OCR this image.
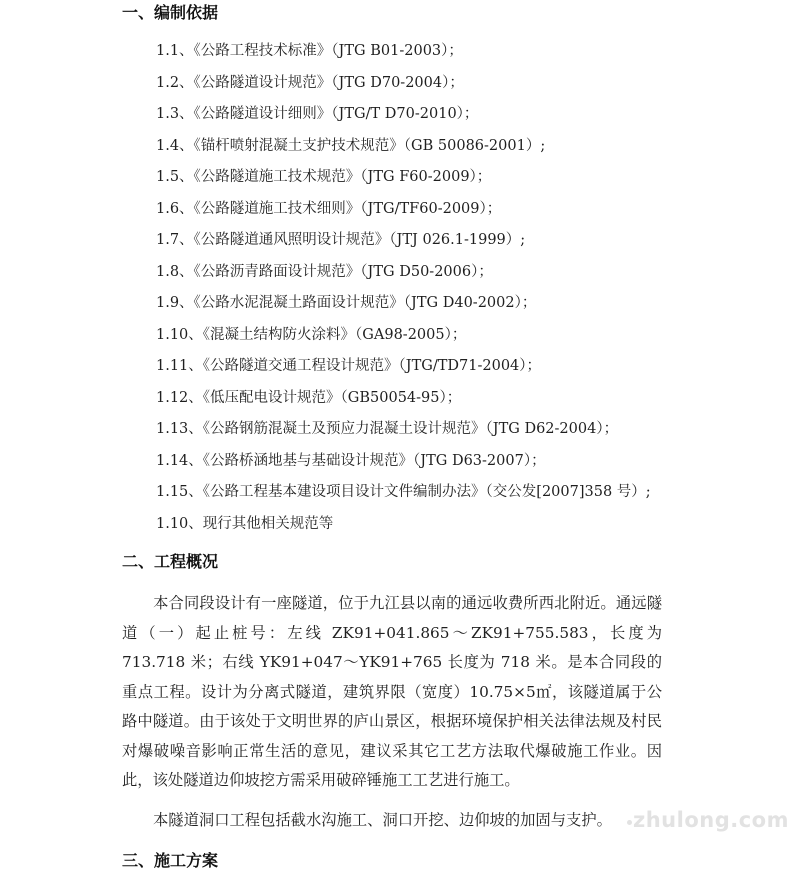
一、编制依据
1.1、《公路工程技术标准》（JTG B01-2003）；
1.2、《公路隧道设计规范》（JTG D70-2004）；
1.3、《公路隧道设计细则》（JTG/T D70-2010）；
1.4、《锚杆喷射混凝土支护技术规范》（GB 50086-2001）;
1.5、《公路隧道施工技术规范》（JTG F60-2009）；
1.6、《公路隧道施工技术细则》（JTG/TF60-2009）；
1.7、《公路隧道通风照明设计规范》（JTJ 026.1-1999）;
1.8、《公路沥青路面设计规范》（JTG D50-2006）；
1.9、《公路水泥混凝土路面设计规范》（JTG D40-2002）；
1.10、《混凝土结构防火涂料》（GA98-2005）；
1.11、《公路隧道交通工程设计规范》（JTG/TD71-2004）；
1.12、《低压配电设计规范》（GB50054-95）；
1.13、《公路钢筋混凝土及预应力混凝土设计规范》（JTG D62-2004）；
1.14、《公路桥涵地基与基础设计规范》（JTG D63-2007）；
1.15、《公路工程基本建设项目设计文件编制办法》（交公发[2007]358 号）;
1.10、现行其他相关规范等
二、工程概况

本合同段设计有一座隧道，位于九江县以南的通远收费所西北附近。通远隧道（一）起止桩号：左线 ZK91+041.865～ZK91+755.583，长度为 713.718 米；右线 YK91+047～YK91+765 长度为 718 米。是本合同段的重点工程。设计为分离式隧道，建筑界限（宽度）10.75×5㎡，该隧道属于公路中隧道。由于该处于文明世界的庐山景区，根据环境保护相关法律法规及村民对爆破噪音影响正常生活的意见，建议采其它工艺方法取代爆破施工作业。因此，该处隧道边仰坡挖方需采用破碎锤施工工艺进行施工。

本隧道洞口工程包括截水沟施工、洞口开挖、边仰坡的加固与支护。

三、施工方案
zhulong.com
